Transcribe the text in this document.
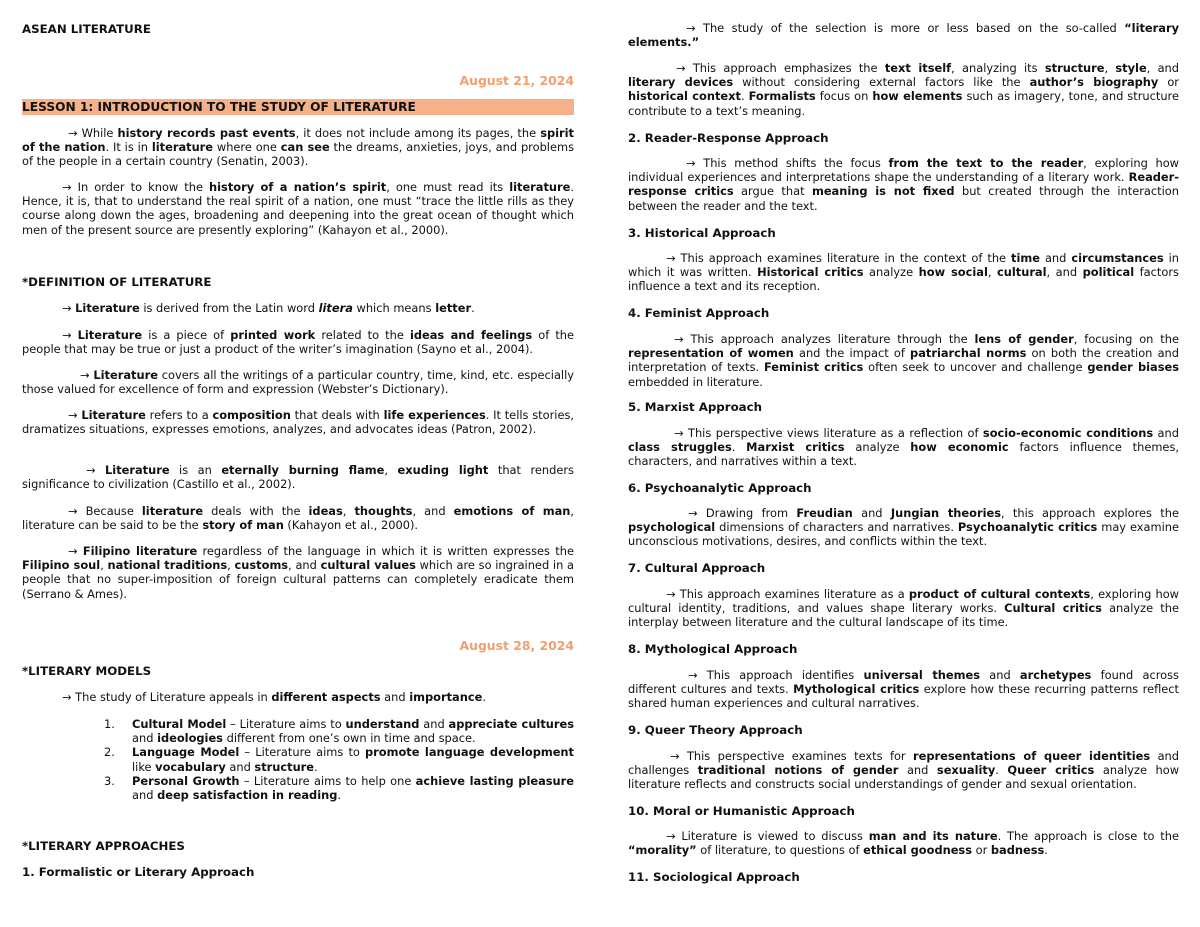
ASEAN LITERATURE
August 21, 2024
LESSON 1: INTRODUCTION TO THE STUDY OF LITERATURE

→ While history records past events, it does not include among its pages, the spirit of the nation. It is in literature where one can see the dreams, anxieties, joys, and problems of the people in a certain country (Senatin, 2003).

→ In order to know the history of a nation’s spirit, one must read its literature. Hence, it is, that to understand the real spirit of a nation, one must “trace the little rills as they course along down the ages, broadening and deepening into the great ocean of thought which men of the present source are presently exploring” (Kahayon et al., 2000).

*DEFINITION OF LITERATURE

→ Literature is derived from the Latin word litera which means letter.

→ Literature is a piece of printed work related to the ideas and feelings of the people that may be true or just a product of the writer’s imagination (Sayno et al., 2004).

→ Literature covers all the writings of a particular country, time, kind, etc. especially those valued for excellence of form and expression (Webster’s Dictionary).

→ Literature refers to a composition that deals with life experiences. It tells stories, dramatizes situations, expresses emotions, analyzes, and advocates ideas (Patron, 2002).

→ Literature is an eternally burning flame, exuding light that renders significance to civilization (Castillo et al., 2002).

→ Because literature deals with the ideas, thoughts, and emotions of man, literature can be said to be the story of man (Kahayon et al., 2000).

→ Filipino literature regardless of the language in which it is written expresses the Filipino soul, national traditions, customs, and cultural values which are so ingrained in a people that no super-imposition of foreign cultural patterns can completely eradicate them (Serrano & Ames).

August 28, 2024
*LITERARY MODELS

→ The study of Literature appeals in different aspects and importance.

1. Cultural Model – Literature aims to understand and appreciate cultures and ideologies different from one’s own in time and space.
2. Language Model – Literature aims to promote language development like vocabulary and structure.
3. Personal Growth – Literature aims to help one achieve lasting pleasure and deep satisfaction in reading.
*LITERARY APPROACHES
1. Formalistic or Literary Approach

→ The study of the selection is more or less based on the so-called “literary elements.”

→ This approach emphasizes the text itself, analyzing its structure, style, and literary devices without considering external factors like the author’s biography or historical context. Formalists focus on how elements such as imagery, tone, and structure contribute to a text’s meaning.

2. Reader-Response Approach

→ This method shifts the focus from the text to the reader, exploring how individual experiences and interpretations shape the understanding of a literary work. Reader-response critics argue that meaning is not fixed but created through the interaction between the reader and the text.

3. Historical Approach

→ This approach examines literature in the context of the time and circumstances in which it was written. Historical critics analyze how social, cultural, and political factors influence a text and its reception.

4. Feminist Approach

→ This approach analyzes literature through the lens of gender, focusing on the representation of women and the impact of patriarchal norms on both the creation and interpretation of texts. Feminist critics often seek to uncover and challenge gender biases embedded in literature.

5. Marxist Approach

→ This perspective views literature as a reflection of socio-economic conditions and class struggles. Marxist critics analyze how economic factors influence themes, characters, and narratives within a text.

6. Psychoanalytic Approach

→ Drawing from Freudian and Jungian theories, this approach explores the psychological dimensions of characters and narratives. Psychoanalytic critics may examine unconscious motivations, desires, and conflicts within the text.

7. Cultural Approach

→ This approach examines literature as a product of cultural contexts, exploring how cultural identity, traditions, and values shape literary works. Cultural critics analyze the interplay between literature and the cultural landscape of its time.

8. Mythological Approach

→ This approach identifies universal themes and archetypes found across different cultures and texts. Mythological critics explore how these recurring patterns reflect shared human experiences and cultural narratives.

9. Queer Theory Approach

→ This perspective examines texts for representations of queer identities and challenges traditional notions of gender and sexuality. Queer critics analyze how literature reflects and constructs social understandings of gender and sexual orientation.

10. Moral or Humanistic Approach

→ Literature is viewed to discuss man and its nature. The approach is close to the “morality” of literature, to questions of ethical goodness or badness.

11. Sociological Approach
